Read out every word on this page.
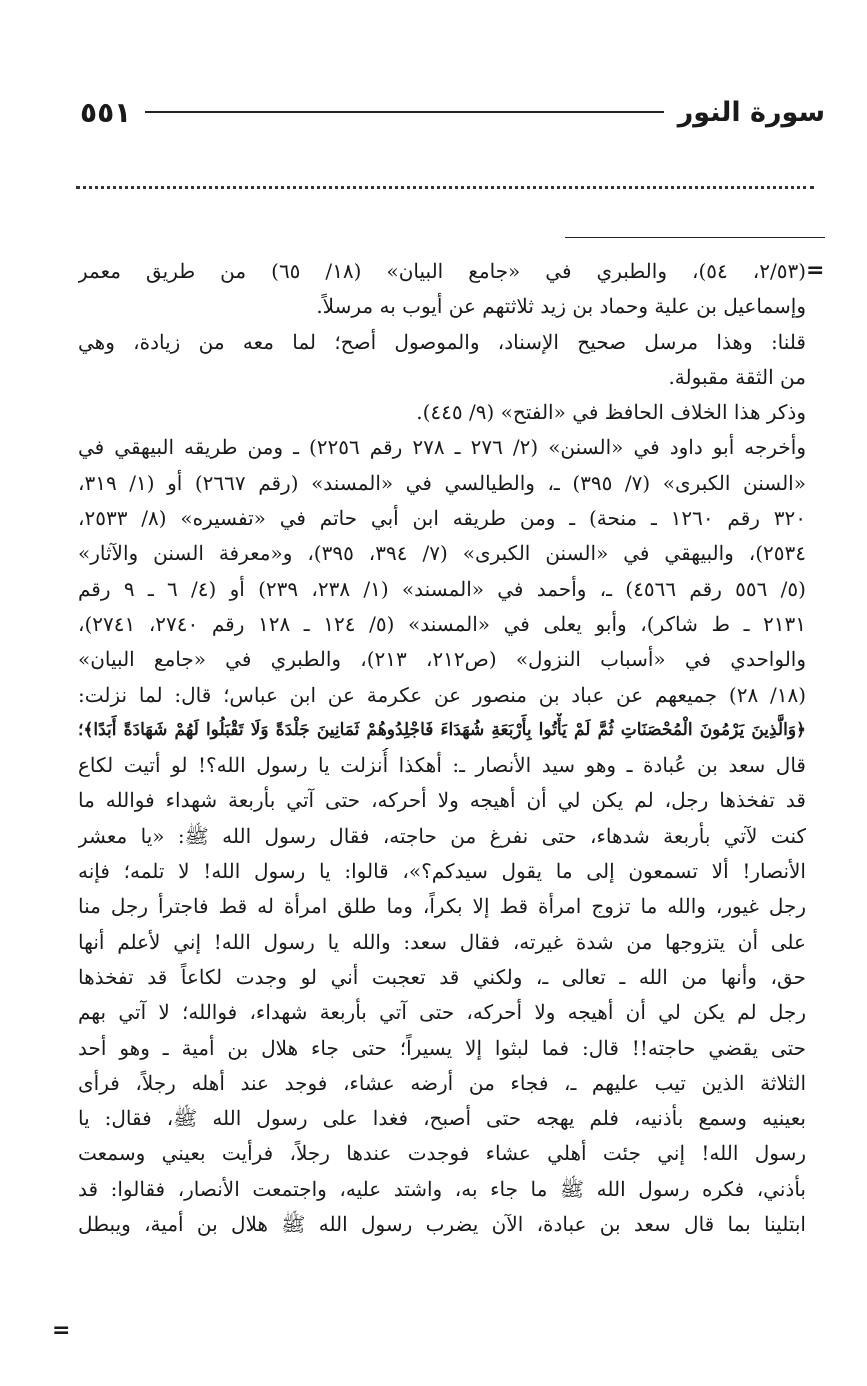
٥٥١	سورة النور
=
=
(٢/٥٣، ٥٤)، والطبري في «جامع البيان» (١٨/ ٦٥) من طريق معمر
وإسماعيل بن علية وحماد بن زيد ثلاثتهم عن أيوب به مرسلاً.
قلنا: وهذا مرسل صحيح الإسناد، والموصول أصح؛ لما معه من زيادة، وهي
من الثقة مقبولة.
وذكر هذا الخلاف الحافظ في «الفتح» (٩/ ٤٤٥).
وأخرجه أبو داود في «السنن» (٢/ ٢٧٦ ـ ٢٧٨ رقم ٢٢٥٦) ـ ومن طريقه البيهقي في
«السنن الكبرى» (٧/ ٣٩٥) ـ، والطيالسي في «المسند» (رقم ٢٦٦٧) أو (١/ ٣١٩،
٣٢٠ رقم ١٢٦٠ ـ منحة) ـ ومن طريقه ابن أبي حاتم في «تفسيره» (٨/ ٢٥٣٣،
٢٥٣٤)، والبيهقي في «السنن الكبرى» (٧/ ٣٩٤، ٣٩٥)، و«معرفة السنن والآثار»
(٥/ ٥٥٦ رقم ٤٥٦٦) ـ، وأحمد في «المسند» (١/ ٢٣٨، ٢٣٩) أو (٤/ ٦ ـ ٩ رقم
٢١٣١ ـ ط شاكر)، وأبو يعلى في «المسند» (٥/ ١٢٤ ـ ١٢٨ رقم ٢٧٤٠، ٢٧٤١)،
والواحدي في «أسباب النزول» (ص٢١٢، ٢١٣)، والطبري في «جامع البيان»
(١٨/ ٢٨) جميعهم عن عباد بن منصور عن عكرمة عن ابن عباس؛ قال: لما نزلت:
﴿وَالَّذِينَ يَرْمُونَ الْمُحْصَنَاتِ ثُمَّ لَمْ يَأْتُوا بِأَرْبَعَةِ شُهَدَاءَ فَاجْلِدُوهُمْ ثَمَانِينَ جَلْدَةً وَلَا تَقْبَلُوا لَهُمْ شَهَادَةً أَبَدًا﴾؛
قال سعد بن عُبادة ـ وهو سيد الأنصار ـ: أهكذا أُنزلت يا رسول الله؟! لو أتيت لكاع
قد تفخذها رجل، لم يكن لي أن أهيجه ولا أحركه، حتى آتي بأربعة شهداء فوالله ما
كنت لآتي بأربعة شدهاء، حتى نفرغ من حاجته، فقال رسول الله ﷺ: «يا معشر
الأنصار! ألا تسمعون إلى ما يقول سيدكم؟»، قالوا: يا رسول الله! لا تلمه؛ فإنه
رجل غيور، والله ما تزوج امرأة قط إلا بكراً، وما طلق امرأة له قط فاجترأ رجل منا
على أن يتزوجها من شدة غيرته، فقال سعد: والله يا رسول الله! إني لأعلم أنها
حق، وأنها من الله ـ تعالى ـ، ولكني قد تعجبت أني لو وجدت لكاعاً قد تفخذها
رجل لم يكن لي أن أهيجه ولا أحركه، حتى آتي بأربعة شهداء، فوالله؛ لا آتي بهم
حتى يقضي حاجته!! قال: فما لبثوا إلا يسيراً؛ حتى جاء هلال بن أمية ـ وهو أحد
الثلاثة الذين تيب عليهم ـ، فجاء من أرضه عشاء، فوجد عند أهله رجلاً، فرأى
بعينيه وسمع بأذنيه، فلم يهجه حتى أصبح، فغدا على رسول الله ﷺ، فقال: يا
رسول الله! إني جئت أهلي عشاء فوجدت عندها رجلاً، فرأيت بعيني وسمعت
بأذني، فكره رسول الله ﷺ ما جاء به، واشتد عليه، واجتمعت الأنصار، فقالوا: قد
ابتلينا بما قال سعد بن عبادة، الآن يضرب رسول الله ﷺ هلال بن أمية، ويبطل
